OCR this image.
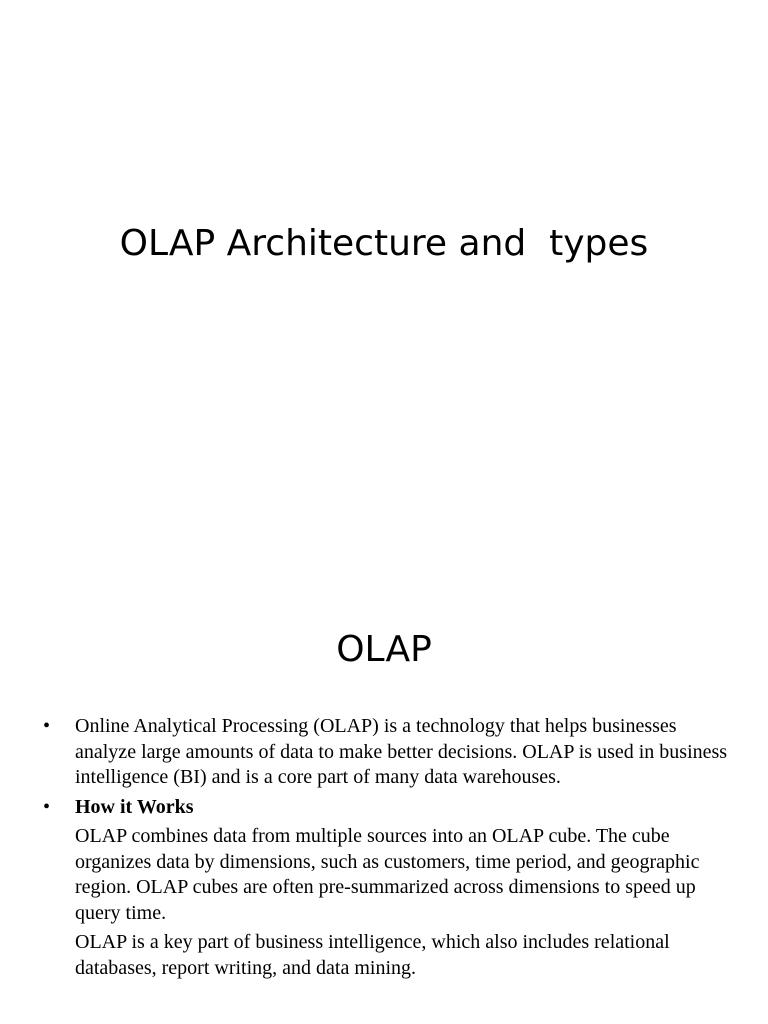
OLAP Architecture and  types
OLAP
• Online Analytical Processing (OLAP) is a technology that helps businesses analyze large amounts of data to make better decisions. OLAP is used in business intelligence (BI) and is a core part of many data warehouses.
• How it Works
OLAP combines data from multiple sources into an OLAP cube. The cube organizes data by dimensions, such as customers, time period, and geographic region. OLAP cubes are often pre-summarized across dimensions to speed up query time.
OLAP is a key part of business intelligence, which also includes relational databases, report writing, and data mining.
